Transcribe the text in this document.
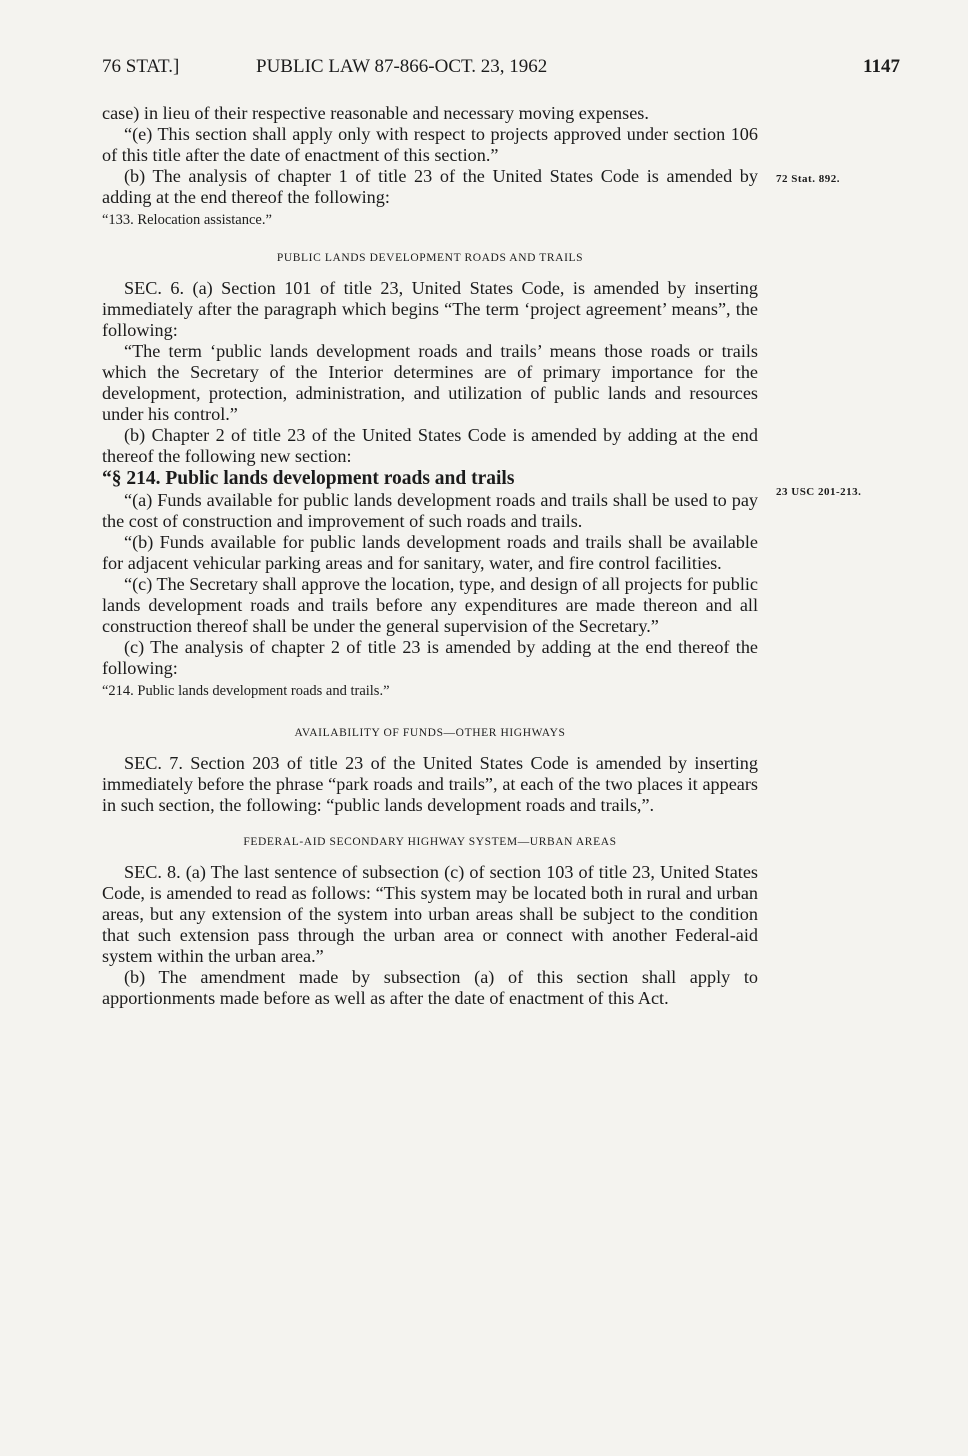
76 STAT.]	PUBLIC LAW 87-866-OCT. 23, 1962	1147
72 Stat. 892.
23 USC 201-213.

case) in lieu of their respective reasonable and necessary moving expenses.

“(e) This section shall apply only with respect to projects approved under section 106 of this title after the date of enactment of this section.”

(b) The analysis of chapter 1 of title 23 of the United States Code is amended by adding at the end thereof the following:

“133. Relocation assistance.”

PUBLIC LANDS DEVELOPMENT ROADS AND TRAILS

SEC. 6. (a) Section 101 of title 23, United States Code, is amended by inserting immediately after the paragraph which begins “The term ‘project agreement’ means”, the following:

“The term ‘public lands development roads and trails’ means those roads or trails which the Secretary of the Interior determines are of primary importance for the development, protection, administration, and utilization of public lands and resources under his control.”

(b) Chapter 2 of title 23 of the United States Code is amended by adding at the end thereof the following new section:

“§ 214. Public lands development roads and trails

“(a) Funds available for public lands development roads and trails shall be used to pay the cost of construction and improvement of such roads and trails.

“(b) Funds available for public lands development roads and trails shall be available for adjacent vehicular parking areas and for sanitary, water, and fire control facilities.

“(c) The Secretary shall approve the location, type, and design of all projects for public lands development roads and trails before any expenditures are made thereon and all construction thereof shall be under the general supervision of the Secretary.”

(c) The analysis of chapter 2 of title 23 is amended by adding at the end thereof the following:

“214. Public lands development roads and trails.”

AVAILABILITY OF FUNDS—OTHER HIGHWAYS

SEC. 7. Section 203 of title 23 of the United States Code is amended by inserting immediately before the phrase “park roads and trails”, at each of the two places it appears in such section, the following: “public lands development roads and trails,”.

FEDERAL-AID SECONDARY HIGHWAY SYSTEM—URBAN AREAS

SEC. 8. (a) The last sentence of subsection (c) of section 103 of title 23, United States Code, is amended to read as follows: “This system may be located both in rural and urban areas, but any extension of the system into urban areas shall be subject to the condition that such extension pass through the urban area or connect with another Federal-aid system within the urban area.”

(b) The amendment made by subsection (a) of this section shall apply to apportionments made before as well as after the date of enactment of this Act.
